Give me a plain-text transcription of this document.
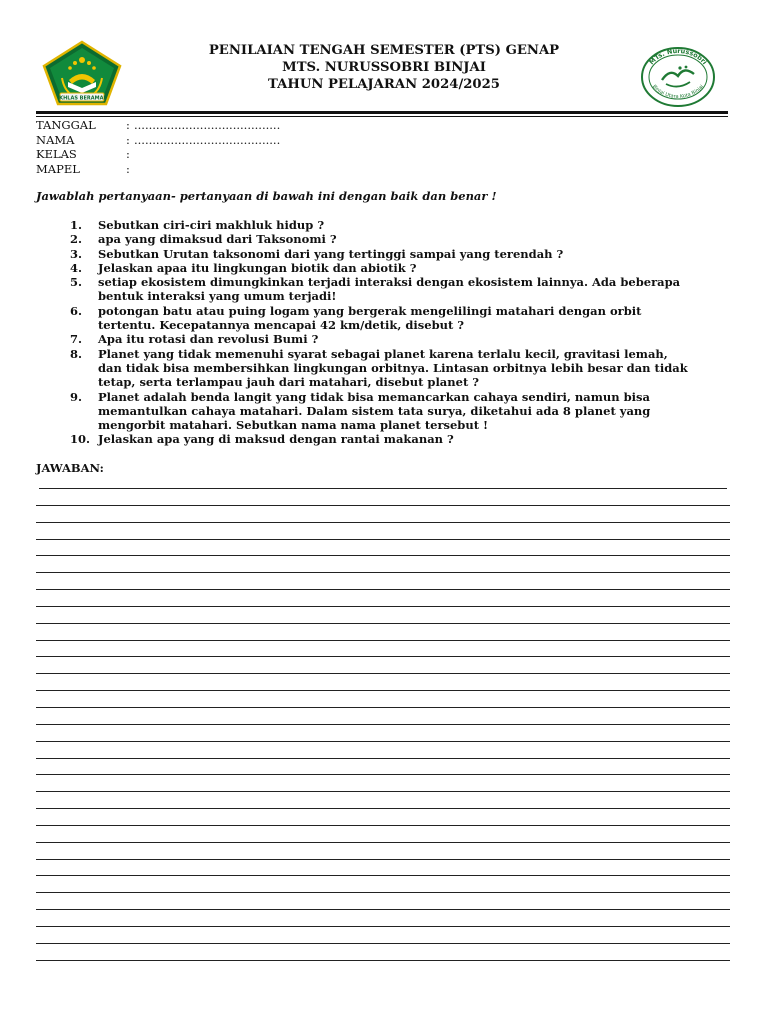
IKHLAS BERAMAL
PENILAIAN TENGAH SEMESTER (PTS) GENAP
MTS. NURUSSOBRI BINJAI
TAHUN PELAJARAN 2024/2025
MTs. Nurussobri
Binjai Utara Kota Binjai
TANGGAL	: ........................................
NAMA	: ........................................
KELAS	:
MAPEL	:
Jawablah pertanyaan- pertanyaan di bawah ini dengan baik dan benar !
1.	Sebutkan ciri-ciri makhluk hidup ?
2.	apa yang dimaksud dari Taksonomi ?
3.	Sebutkan Urutan taksonomi dari yang tertinggi sampai yang terendah ?
4.	Jelaskan apaa itu lingkungan biotik dan abiotik ?
5.	setiap ekosistem dimungkinkan terjadi interaksi dengan ekosistem lainnya. Ada beberapa
bentuk interaksi yang umum terjadi!
6.	potongan batu atau puing logam yang bergerak mengelilingi matahari dengan orbit
tertentu. Kecepatannya mencapai 42 km/detik, disebut ?
7.	Apa itu rotasi dan revolusi Bumi ?
8.	Planet yang tidak memenuhi syarat sebagai planet karena terlalu kecil, gravitasi lemah,
dan tidak bisa membersihkan lingkungan orbitnya. Lintasan orbitnya lebih besar dan tidak
tetap, serta terlampau jauh dari matahari, disebut planet ?
9.	Planet adalah benda langit yang tidak bisa memancarkan cahaya sendiri, namun bisa
memantulkan cahaya matahari. Dalam sistem tata surya, diketahui ada 8 planet yang
mengorbit matahari. Sebutkan nama nama planet tersebut !
10. Jelaskan apa yang di maksud dengan rantai makanan ?
JAWABAN:
